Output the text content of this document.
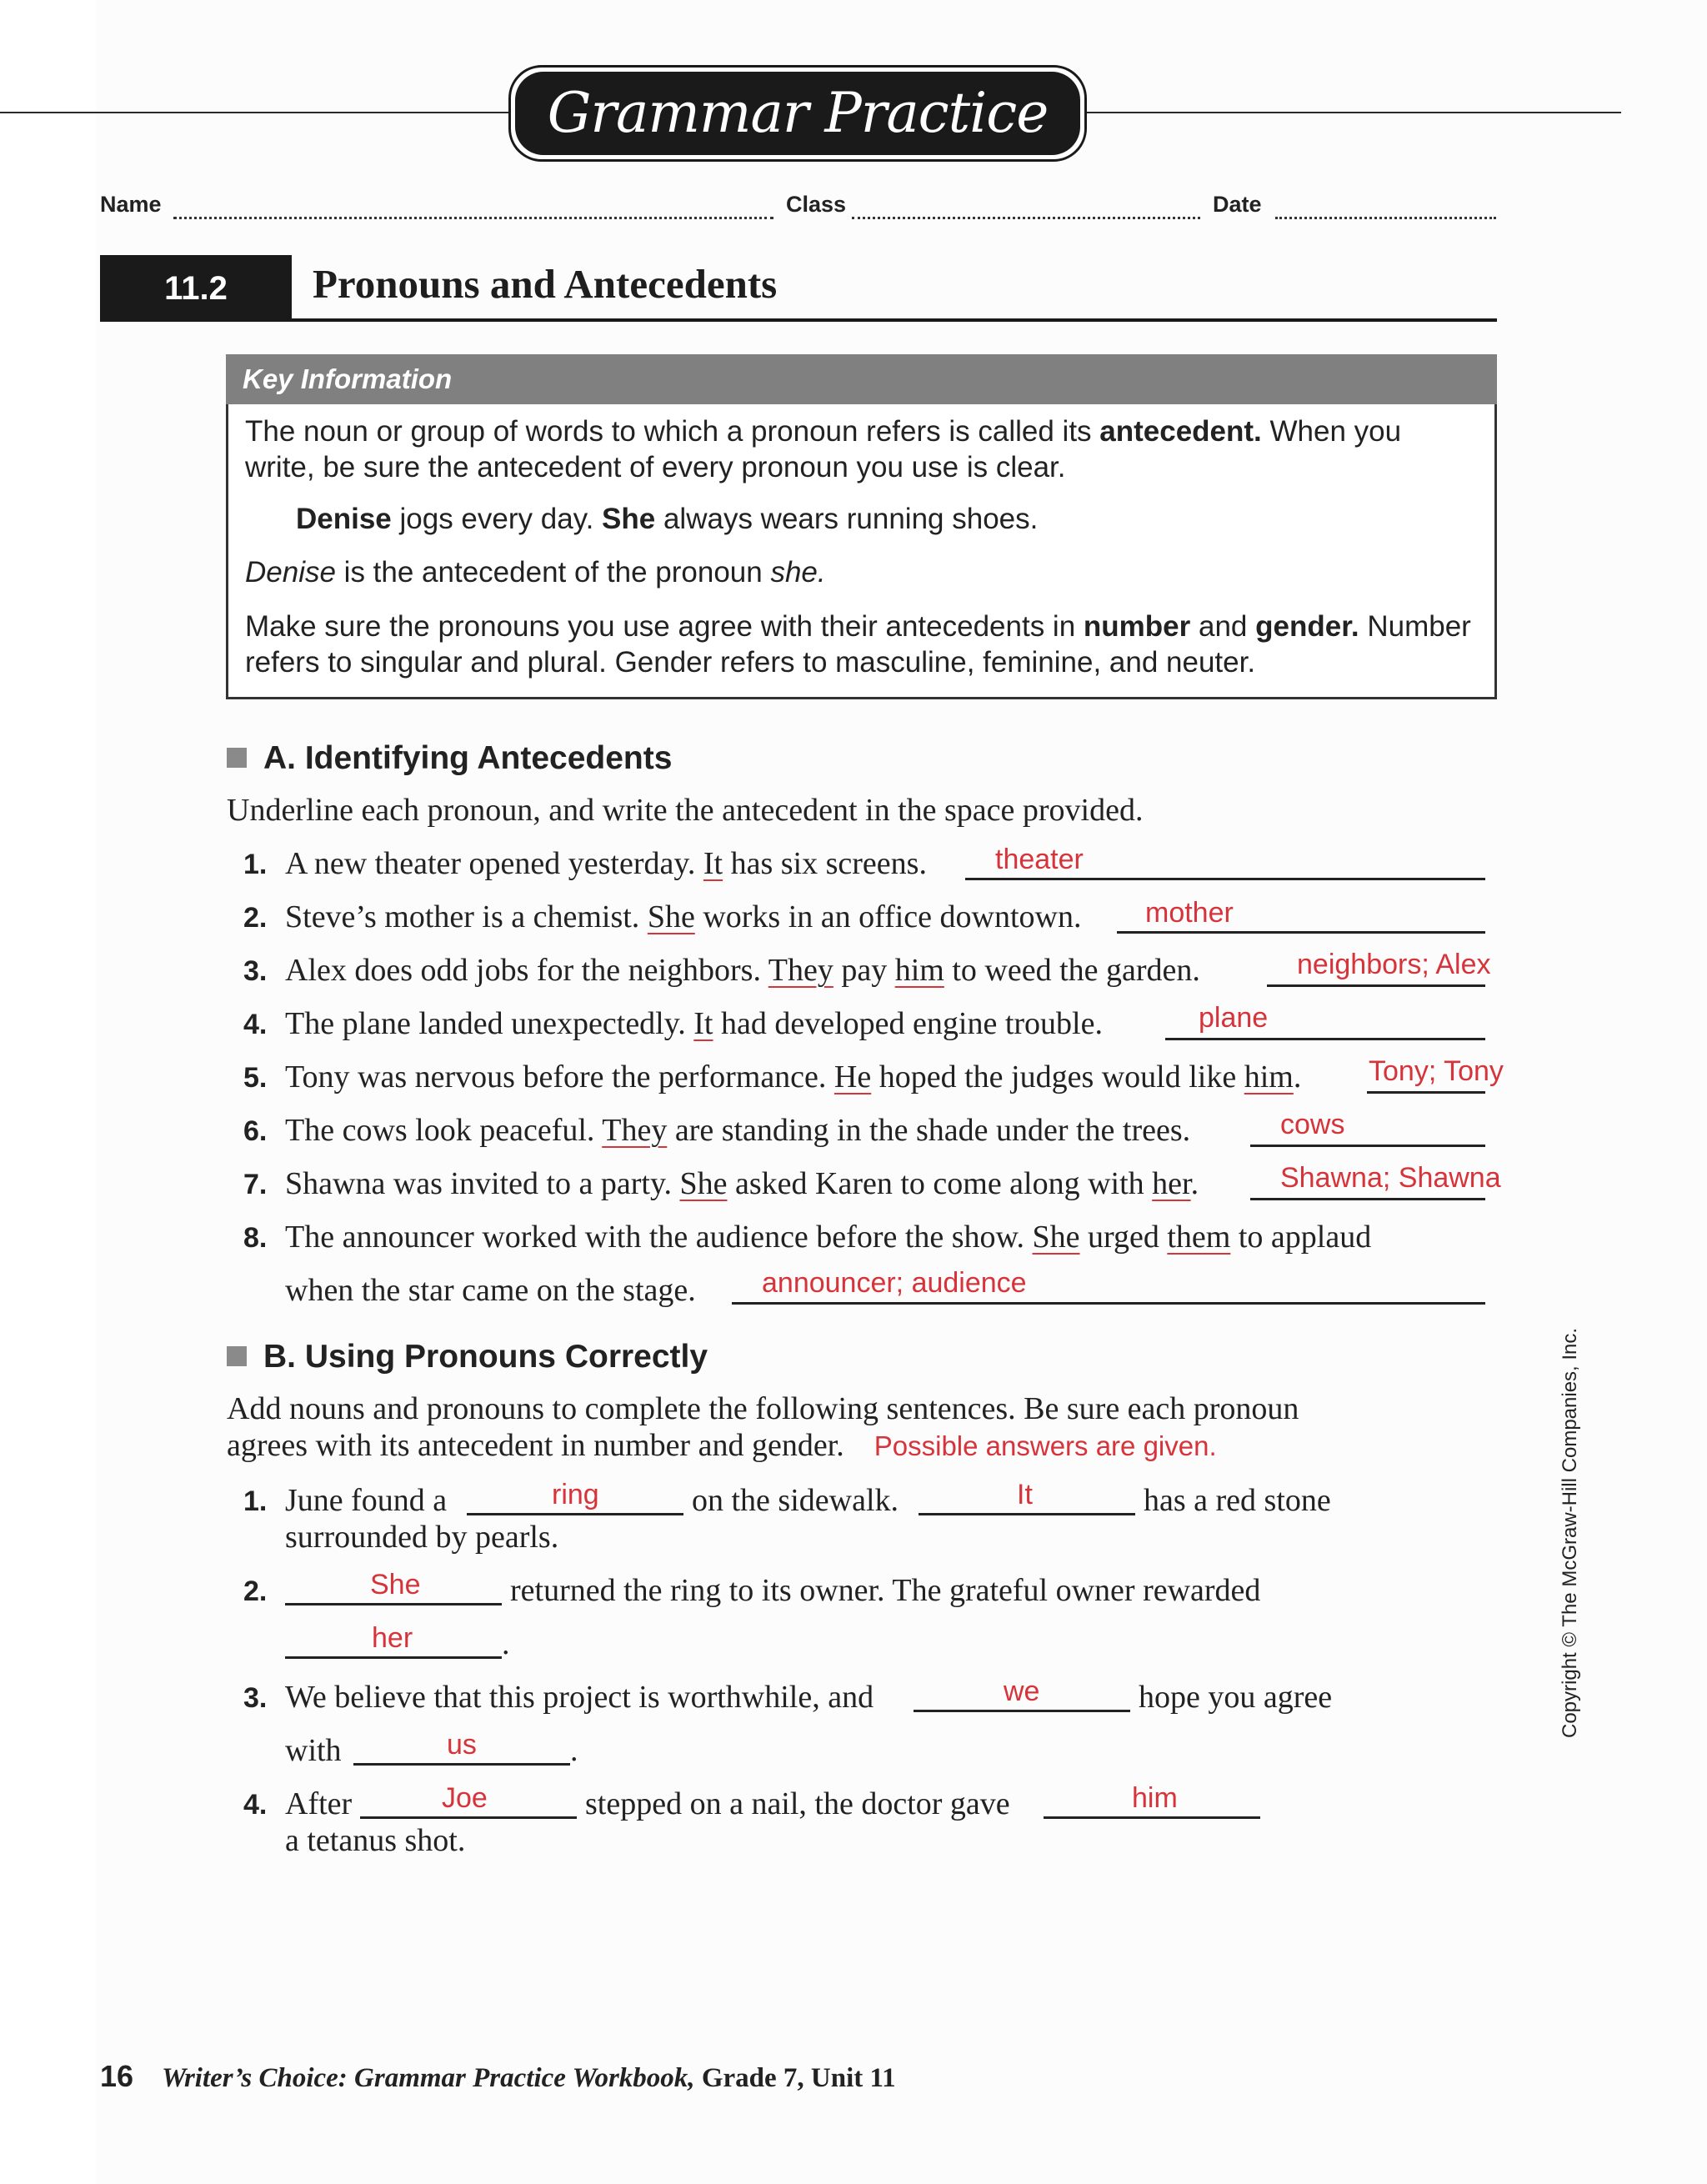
Grammar Practice
Name	Class	Date
11.2	Pronouns and Antecedents
Key Information
The noun or group of words to which a pronoun refers is called its antecedent. When you write, be sure the antecedent of every pronoun you use is clear.
Denise jogs every day. She always wears running shoes.
Denise is the antecedent of the pronoun she.
Make sure the pronouns you use agree with their antecedents in number and gender. Number refers to singular and plural. Gender refers to masculine, feminine, and neuter.
A. Identifying Antecedents
Underline each pronoun, and write the antecedent in the space provided.
1. A new theater opened yesterday. It has six screens. theater
2. Steve’s mother is a chemist. She works in an office downtown. mother
3. Alex does odd jobs for the neighbors. They pay him to weed the garden.	neighbors; Alex
4. The plane landed unexpectedly. It had developed engine trouble.	plane
5. Tony was nervous before the performance. He hoped the judges would like him. Tony; Tony
6. The cows look peaceful. They are standing in the shade under the trees.	cows
7. Shawna was invited to a party. She asked Karen to come along with her.	Shawna; Shawna
8. The announcer worked with the audience before the show. She urged them to applaud
when the star came on the stage. announcer; audience
B. Using Pronouns Correctly
Add nouns and pronouns to complete the following sentences. Be sure each pronoun
agrees with its antecedent in number and gender. Possible answers are given.
1. June found a	ring	on the sidewalk.	It	has a red stone
surrounded by pearls.
2.	She	returned the ring to its owner. The grateful owner rewarded
her	.
3. We believe that this project is worthwhile, and	we	hope you agree
with	us	.
4. After	Joe	stepped on a nail, the doctor gave	him
a tetanus shot.
Copyright © The McGraw-Hill Companies, Inc.
16 Writer’s Choice: Grammar Practice Workbook, Grade 7, Unit 11
